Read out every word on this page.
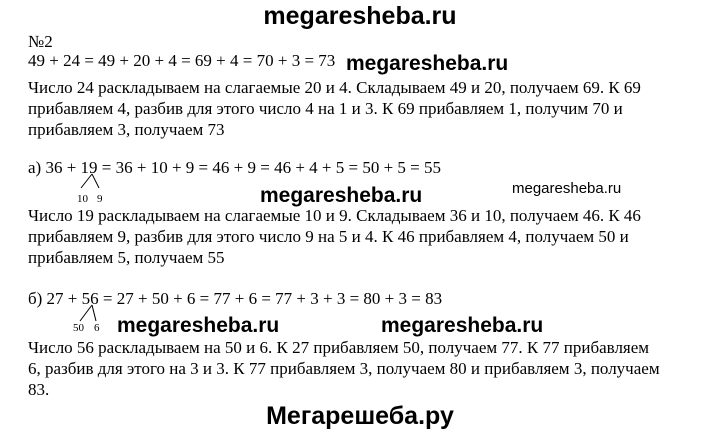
megaresheba.ru
№2
49 + 24 = 49 + 20 + 4 = 69 + 4 = 70 + 3 = 73 megaresheba.ru
Число 24 раскладываем на слагаемые 20 и 4. Складываем 49 и 20, получаем 69. К 69
прибавляем 4, разбив для этого число 4 на 1 и 3. К 69 прибавляем 1, получим 70 и
прибавляем 3, получаем 73
а) 36 + 19 = 36 + 10 + 9 = 46 + 9 = 46 + 4 + 5 = 50 + 5 = 55
10 9	megaresheba.ru	megaresheba.ru
Число 19 раскладываем на слагаемые 10 и 9. Складываем 36 и 10, получаем 46. К 46
прибавляем 9, разбив для этого число 9 на 5 и 4. К 46 прибавляем 4, получаем 50 и
прибавляем 5, получаем 55
б) 27 + 56 = 27 + 50 + 6 = 77 + 6 = 77 + 3 + 3 = 80 + 3 = 83
50 6 megaresheba.ru	megaresheba.ru
Число 56 раскладываем на 50 и 6. К 27 прибавляем 50, получаем 77. К 77 прибавляем
6, разбив для этого на 3 и 3. К 77 прибавляем 3, получаем 80 и прибавляем 3, получаем
83.
Мегарешеба.ру
